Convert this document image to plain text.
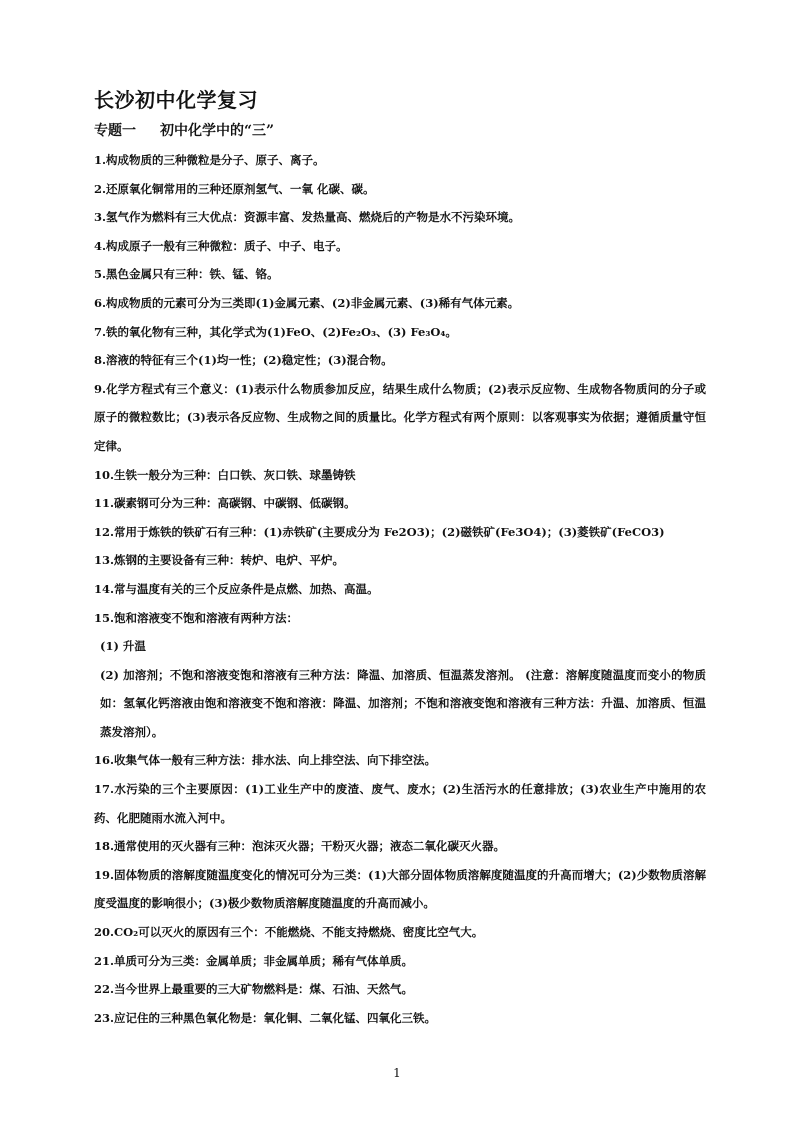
长沙初中化学复习
专题一 初中化学中的“三”

1.构成物质的三种微粒是分子、原子、离子。

2.还原氧化铜常用的三种还原剂氢气、一氧 化碳、碳。

3.氢气作为燃料有三大优点：资源丰富、发热量高、燃烧后的产物是水不污染环境。

4.构成原子一般有三种微粒：质子、中子、电子。

5.黑色金属只有三种：铁、锰、铬。

6.构成物质的元素可分为三类即(1)金属元素、(2)非金属元素、(3)稀有气体元素。

7.铁的氧化物有三种，其化学式为(1)FeO、(2)Fe₂O₃、(3) Fe₃O₄。

8.溶液的特征有三个(1)均一性；(2)稳定性；(3)混合物。

9.化学方程式有三个意义：(1)表示什么物质参加反应，结果生成什么物质；(2)表示反应物、生成物各物质问的分子或原子的微粒数比；(3)表示各反应物、生成物之间的质量比。化学方程式有两个原则：以客观事实为依据；遵循质量守恒定律。

10.生铁一般分为三种：白口铁、灰口铁、球墨铸铁

11.碳素钢可分为三种：高碳钢、中碳钢、低碳钢。

12.常用于炼铁的铁矿石有三种：(1)赤铁矿(主要成分为 Fe2O3)；(2)磁铁矿(Fe3O4)；(3)菱铁矿(FeCO3)

13.炼钢的主要设备有三种：转炉、电炉、平炉。

14.常与温度有关的三个反应条件是点燃、加热、高温。

15.饱和溶液变不饱和溶液有两种方法：

(1) 升温

(2) 加溶剂；不饱和溶液变饱和溶液有三种方法：降温、加溶质、恒温蒸发溶剂。 (注意：溶解度随温度而变小的物质如：氢氧化钙溶液由饱和溶液变不饱和溶液：降温、加溶剂；不饱和溶液变饱和溶液有三种方法：升温、加溶质、恒温蒸发溶剂）。

16.收集气体一般有三种方法：排水法、向上排空法、向下排空法。

17.水污染的三个主要原因：(1)工业生产中的废渣、废气、废水；(2)生活污水的任意排放；(3)农业生产中施用的农药、化肥随雨水流入河中。

18.通常使用的灭火器有三种：泡沫灭火器；干粉灭火器；液态二氧化碳灭火器。

19.固体物质的溶解度随温度变化的情况可分为三类：(1)大部分固体物质溶解度随温度的升高而增大；(2)少数物质溶解度受温度的影响很小；(3)极少数物质溶解度随温度的升高而减小。

20.CO₂可以灭火的原因有三个：不能燃烧、不能支持燃烧、密度比空气大。

21.单质可分为三类：金属单质；非金属单质；稀有气体单质。

22.当今世界上最重要的三大矿物燃料是：煤、石油、天然气。

23.应记住的三种黑色氧化物是：氧化铜、二氧化锰、四氧化三铁。

1
